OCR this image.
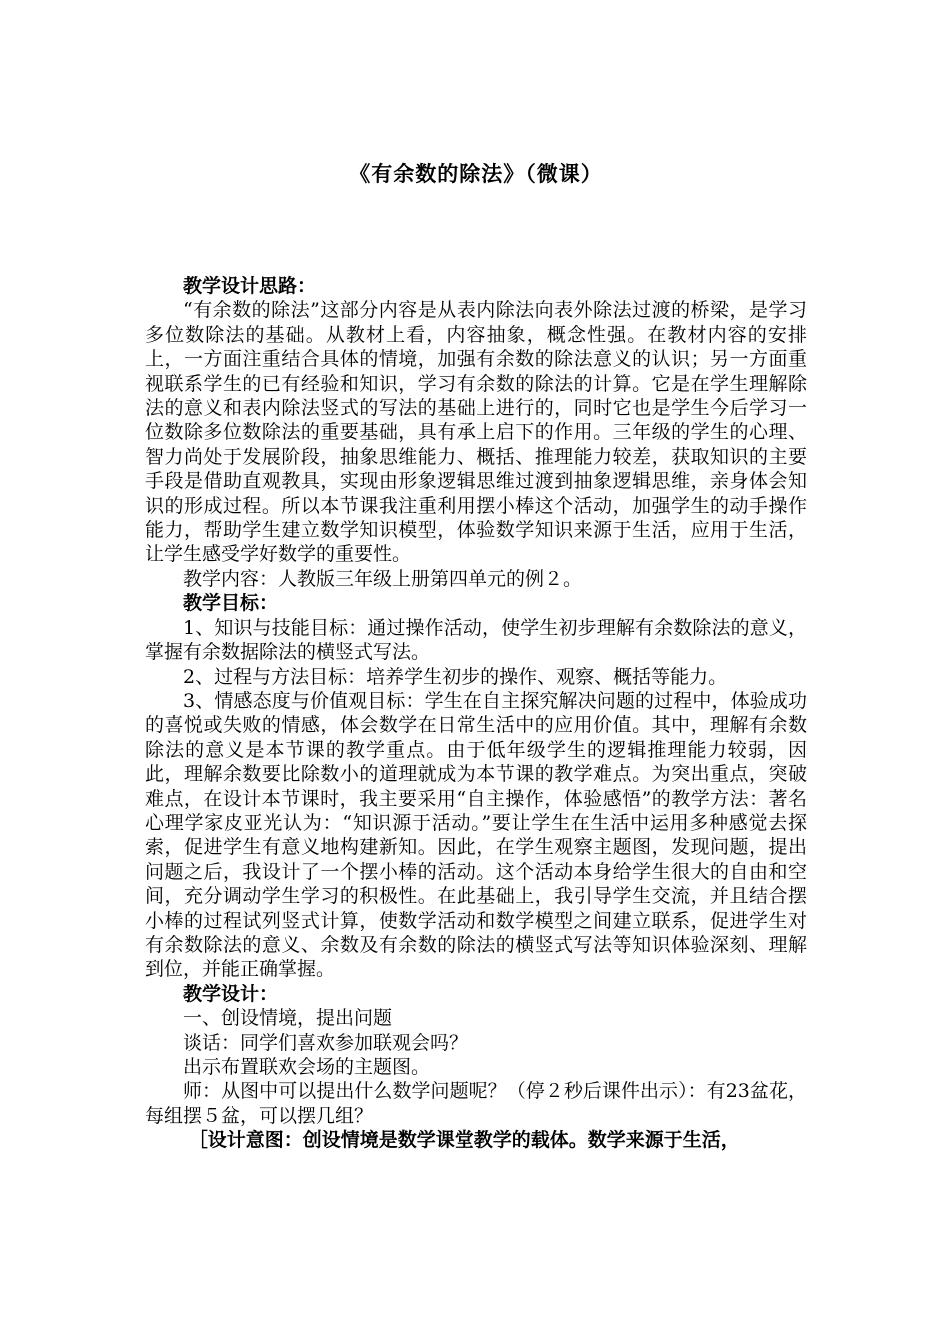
《有余数的除法》（微课）

教学设计思路：

“有余数的除法”这部分内容是从表内除法向表外除法过渡的桥梁，是学习多位数除法的基础。从教材上看，内容抽象，概念性强。在教材内容的安排上，一方面注重结合具体的情境，加强有余数的除法意义的认识；另一方面重视联系学生的已有经验和知识，学习有余数的除法的计算。它是在学生理解除法的意义和表内除法竖式的写法的基础上进行的，同时它也是学生今后学习一位数除多位数除法的重要基础，具有承上启下的作用。三年级的学生的心理、智力尚处于发展阶段，抽象思维能力、概括、推理能力较差，获取知识的主要手段是借助直观教具，实现由形象逻辑思维过渡到抽象逻辑思维，亲身体会知识的形成过程。所以本节课我注重利用摆小棒这个活动，加强学生的动手操作能力，帮助学生建立数学知识模型，体验数学知识来源于生活，应用于生活，让学生感受学好数学的重要性。

教学内容：人教版三年级上册第四单元的例２。

教学目标：

1、知识与技能目标：通过操作活动，使学生初步理解有余数除法的意义，掌握有余数据除法的横竖式写法。

2、过程与方法目标：培养学生初步的操作、观察、概括等能力。

3、情感态度与价值观目标：学生在自主探究解决问题的过程中，体验成功的喜悦或失败的情感，体会数学在日常生活中的应用价值。其中，理解有余数除法的意义是本节课的教学重点。由于低年级学生的逻辑推理能力较弱，因此，理解余数要比除数小的道理就成为本节课的教学难点。为突出重点，突破难点，在设计本节课时，我主要采用“自主操作，体验感悟”的教学方法：著名心理学家皮亚光认为：“知识源于活动。”要让学生在生活中运用多种感觉去探索，促进学生有意义地构建新知。因此，在学生观察主题图，发现问题，提出问题之后，我设计了一个摆小棒的活动。这个活动本身给学生很大的自由和空间，充分调动学生学习的积极性。在此基础上，我引导学生交流，并且结合摆小棒的过程试列竖式计算，使数学活动和数学模型之间建立联系，促进学生对有余数除法的意义、余数及有余数的除法的横竖式写法等知识体验深刻、理解到位，并能正确掌握。

教学设计：

一、创设情境，提出问题

谈话：同学们喜欢参加联观会吗？

出示布置联欢会场的主题图。

师：从图中可以提出什么数学问题呢？（停２秒后课件出示）：有23盆花，每组摆５盆，可以摆几组？

［设计意图：创设情境是数学课堂教学的载体。数学来源于生活，
